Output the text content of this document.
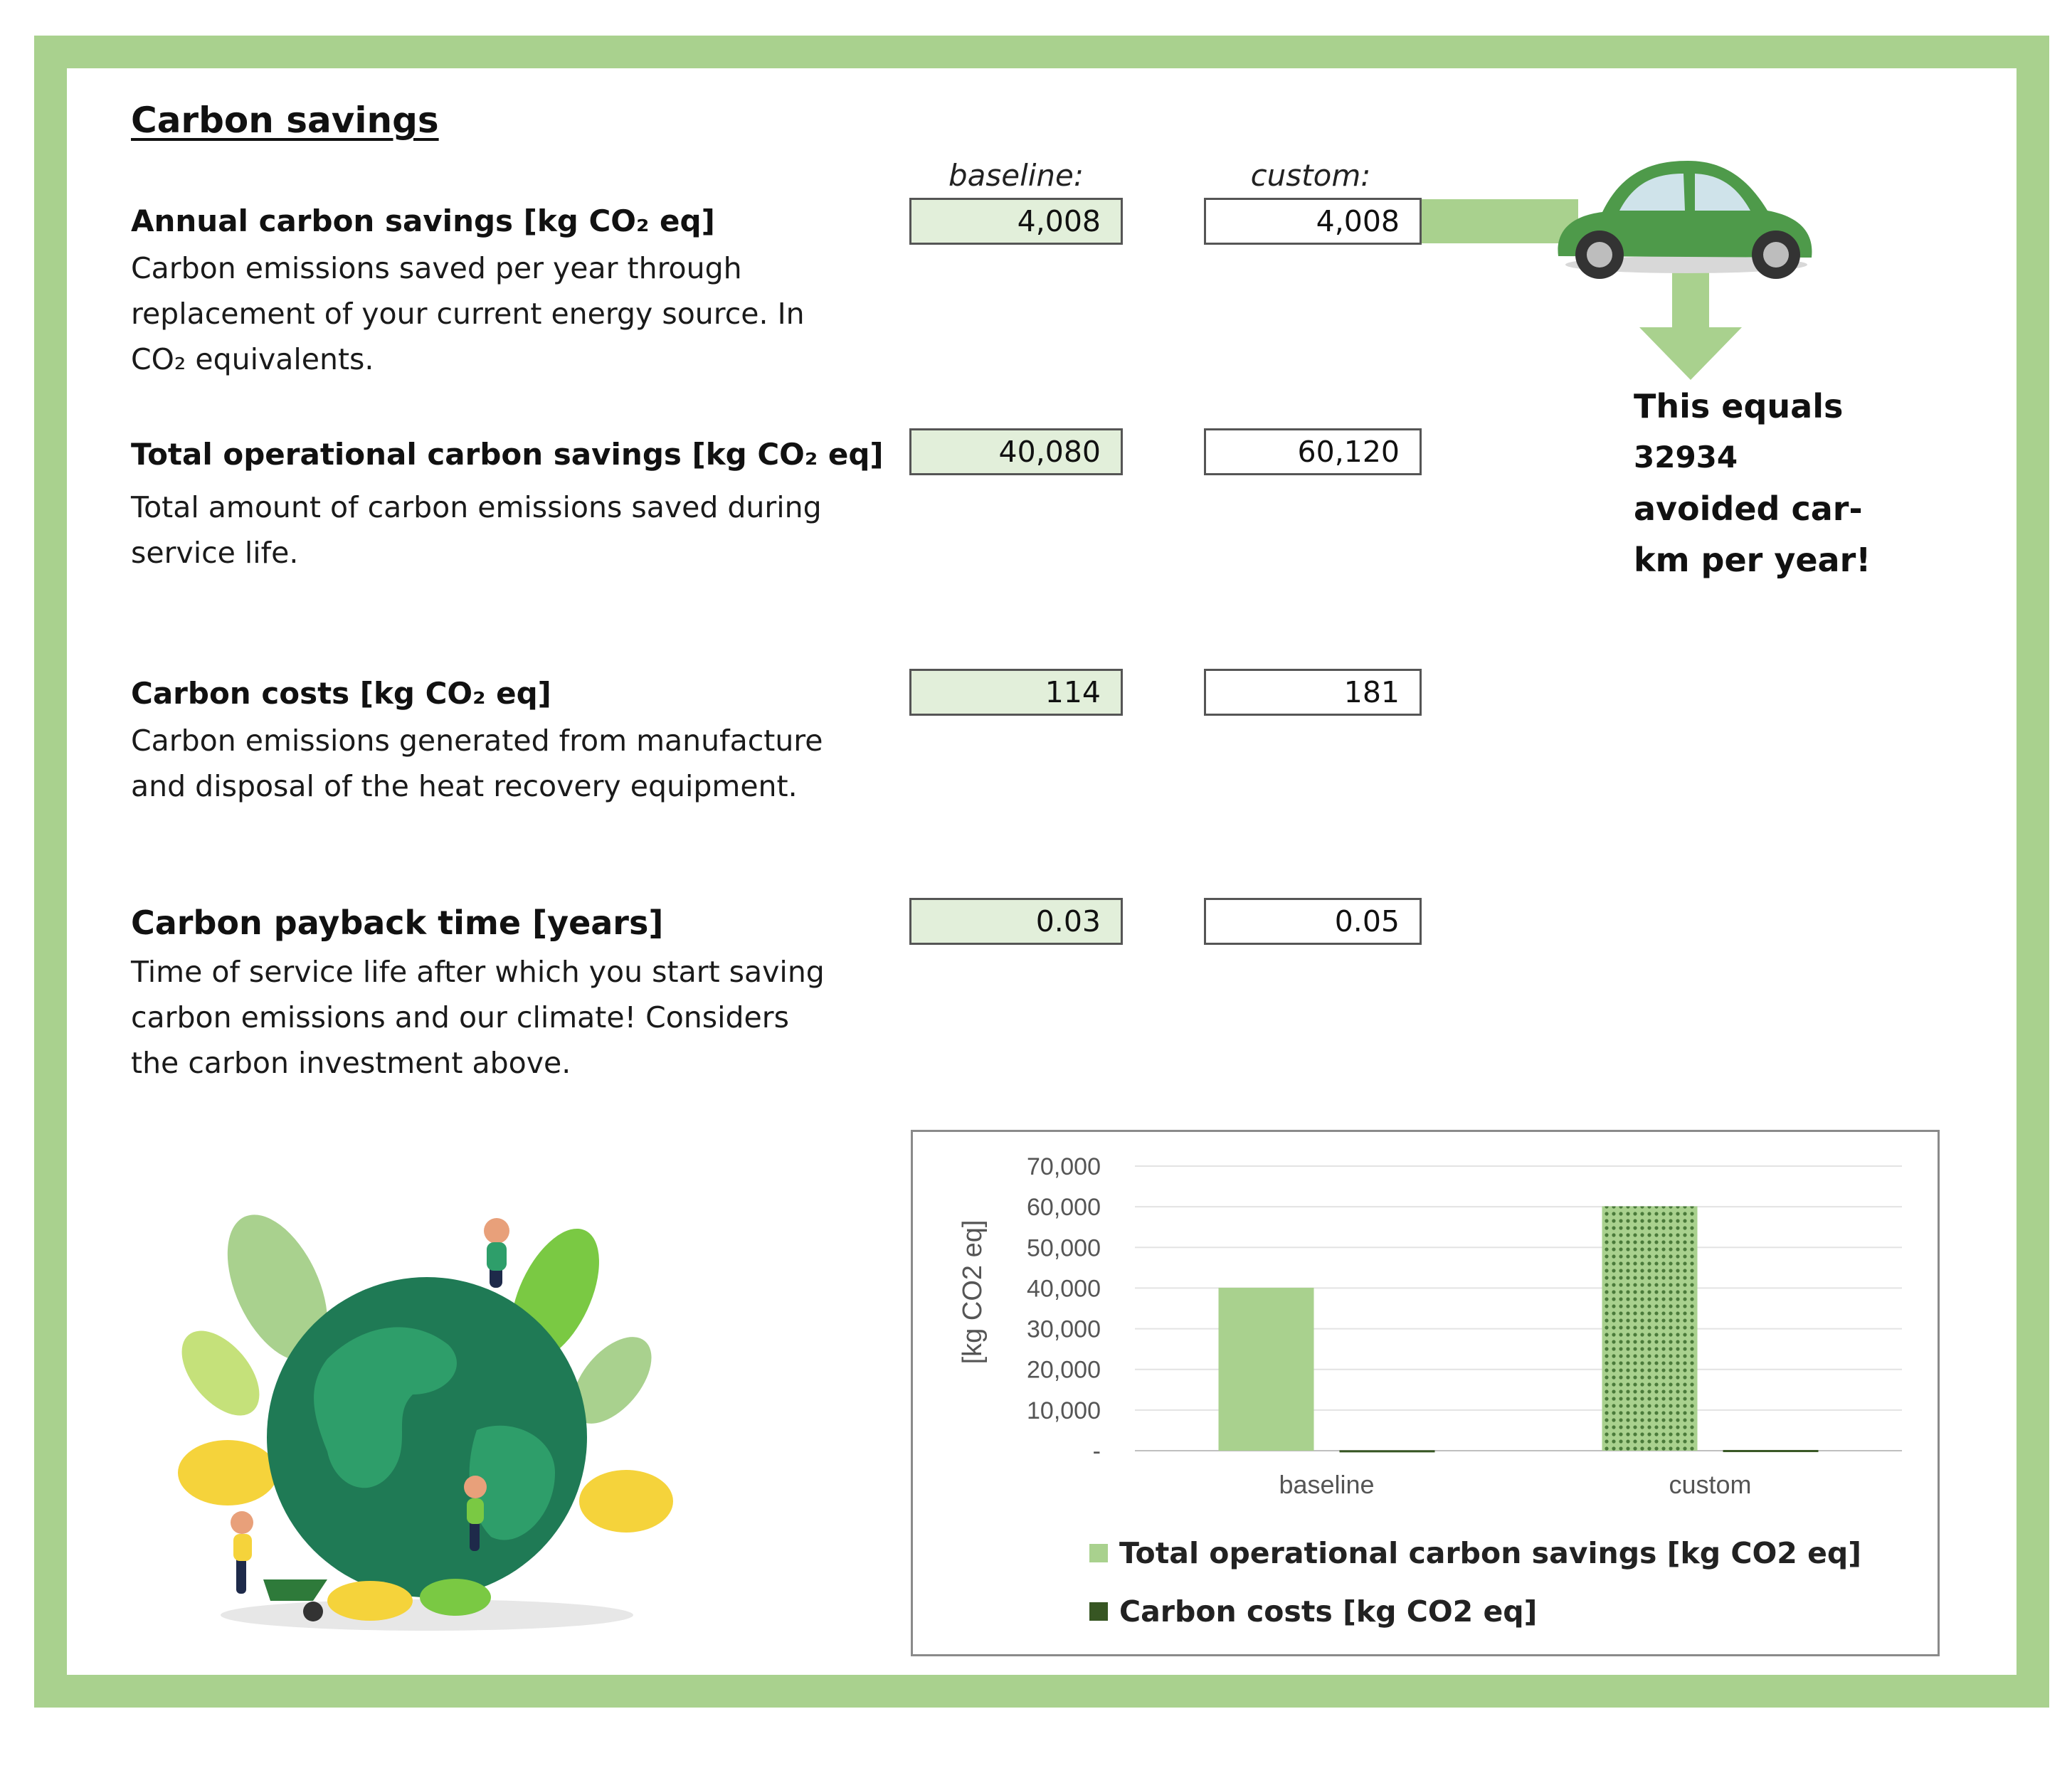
Carbon savings
baseline:	custom:
Annual carbon savings [kg CO₂ eq]
Carbon emissions saved per year through replacement of your current energy source. In CO₂ equivalents.
4,008	4,008
Total operational carbon savings [kg CO₂ eq]
Total amount of carbon emissions saved during service life.
40,080	60,120
Carbon costs [kg CO₂ eq]
Carbon emissions generated from manufacture and disposal of the heat recovery equipment.
114	181
Carbon payback time [years]
Time of service life after which you start saving carbon emissions and our climate! Considers the carbon investment above.
0.03	0.05
This equals
32934
avoided car-
km per year!
-
10,000
20,000
30,000
40,000
50,000
60,000
70,000
baseline	custom
[kg CO2 eq]
Total operational carbon savings [kg CO2 eq]
Carbon costs [kg CO2 eq]
